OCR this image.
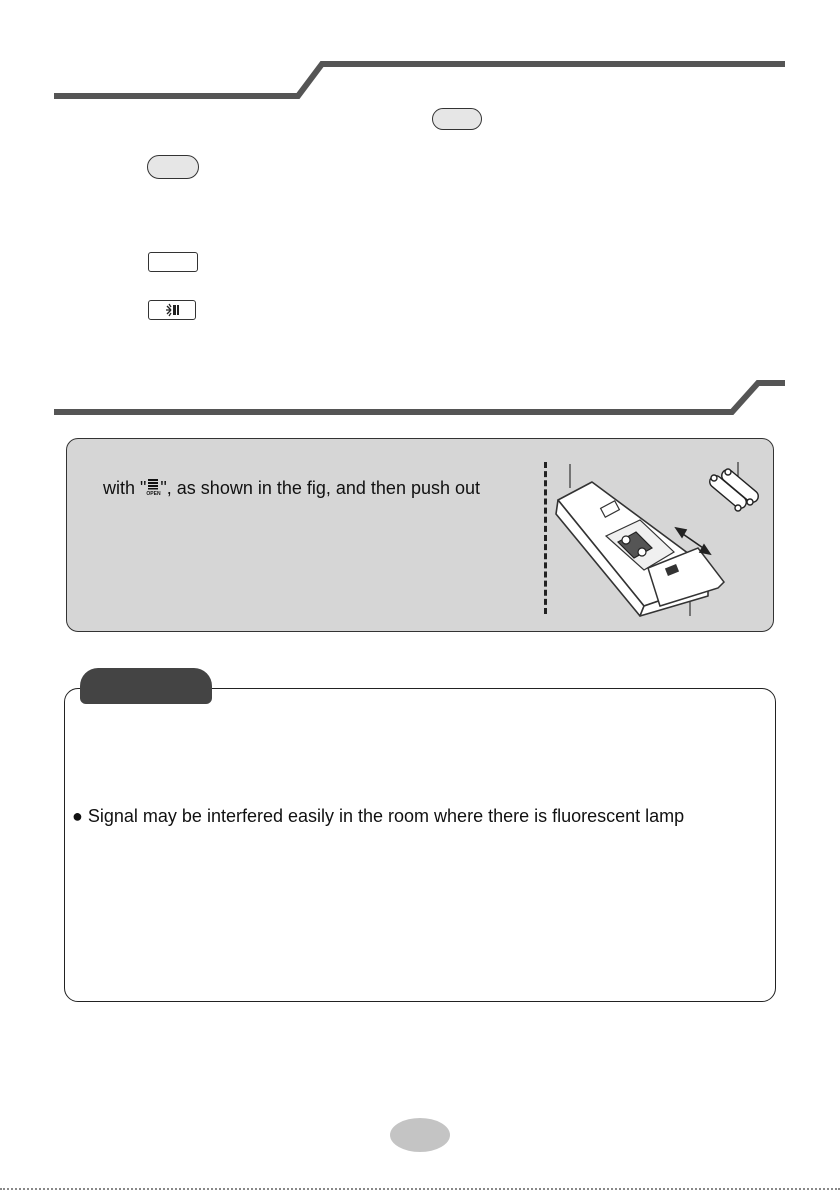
with " OPEN ", as shown in the fig, and then push out
● Signal may be interfered easily in the room where there is fluorescent lamp
